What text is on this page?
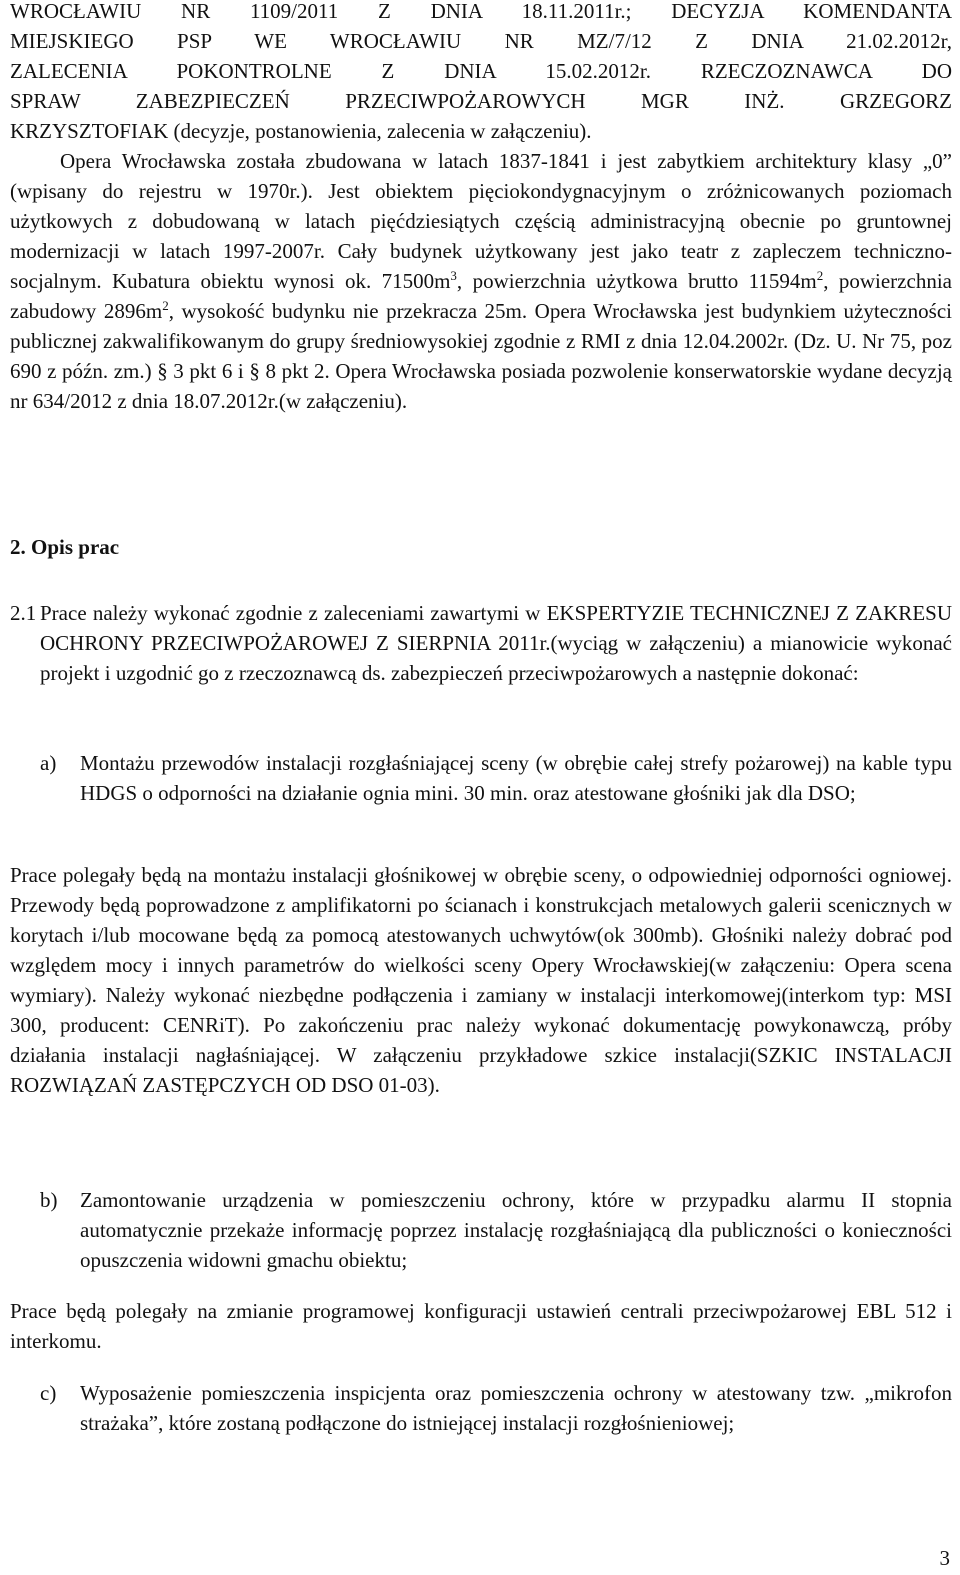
WROCŁAWIU NR 1109/2011 Z DNIA 18.11.2011r.; DECYZJA KOMENDANTA
MIEJSKIEGO PSP WE WROCŁAWIU NR MZ/7/12 Z DNIA 21.02.2012r,
ZALECENIA POKONTROLNE Z DNIA 15.02.2012r. RZECZOZNAWCA DO
SPRAW ZABEZPIECZEŃ PRZECIWPOŻAROWYCH MGR INŻ. GRZEGORZ
KRZYSZTOFIAK (decyzje, postanowienia, zalecenia w załączeniu).
Opera Wrocławska została zbudowana w latach 1837-1841 i jest zabytkiem architektury klasy „0” (wpisany do rejestru w 1970r.). Jest obiektem pięciokondygnacyjnym o zróżnicowanych poziomach użytkowych z dobudowaną w latach pięćdziesiątych częścią administracyjną obecnie po gruntownej modernizacji w latach 1997-2007r. Cały budynek użytkowany jest jako teatr z zapleczem techniczno-socjalnym. Kubatura obiektu wynosi ok. $71500m^3$, powierzchnia użytkowa brutto $11594m^2$, powierzchnia zabudowy $2896m^2$, wysokość budynku nie przekracza 25m. Opera Wrocławska jest budynkiem użyteczności publicznej zakwalifikowanym do grupy średniowysokiej zgodnie z RMI z dnia 12.04.2002r. (Dz. U. Nr 75, poz 690 z późn. zm.) § 3 pkt 6 i § 8 pkt 2. Opera Wrocławska posiada pozwolenie konserwatorskie wydane decyzją nr 634/2012 z dnia 18.07.2012r.(w załączeniu).
2. Opis prac
2.1 Prace należy wykonać zgodnie z zaleceniami zawartymi w EKSPERTYZIE TECHNICZNEJ Z ZAKRESU OCHRONY PRZECIWPOŻAROWEJ Z SIERPNIA 2011r.(wyciąg w załączeniu) a mianowicie wykonać projekt i uzgodnić go z rzeczoznawcą ds. zabezpieczeń przeciwpożarowych a następnie dokonać:
a) Montażu przewodów instalacji rozgłaśniającej sceny (w obrębie całej strefy pożarowej) na kable typu HDGS o odporności na działanie ognia mini. 30 min. oraz atestowane głośniki jak dla DSO;
Prace polegały będą na montażu instalacji głośnikowej w obrębie sceny, o odpowiedniej odporności ogniowej. Przewody będą poprowadzone z amplifikatorni po ścianach i konstrukcjach metalowych galerii scenicznych w korytach i/lub mocowane będą za pomocą atestowanych uchwytów(ok 300mb). Głośniki należy dobrać pod względem mocy i innych parametrów do wielkości sceny Opery Wrocławskiej(w załączeniu: Opera scena wymiary). Należy wykonać niezbędne podłączenia i zamiany w instalacji interkomowej(interkom typ: MSI 300, producent: CENRiT). Po zakończeniu prac należy wykonać dokumentację powykonawczą, próby działania instalacji nagłaśniającej. W załączeniu przykładowe szkice instalacji(SZKIC INSTALACJI ROZWIĄZAŃ ZASTĘPCZYCH OD DSO 01-03).
b) Zamontowanie urządzenia w pomieszczeniu ochrony, które w przypadku alarmu II stopnia automatycznie przekaże informację poprzez instalację rozgłaśniającą dla publiczności o konieczności opuszczenia widowni gmachu obiektu;
Prace będą polegały na zmianie programowej konfiguracji ustawień centrali przeciwpożarowej EBL 512 i interkomu.
c) Wyposażenie pomieszczenia inspicjenta oraz pomieszczenia ochrony w atestowany tzw. „mikrofon strażaka”, które zostaną podłączone do istniejącej instalacji rozgłośnieniowej;
3
